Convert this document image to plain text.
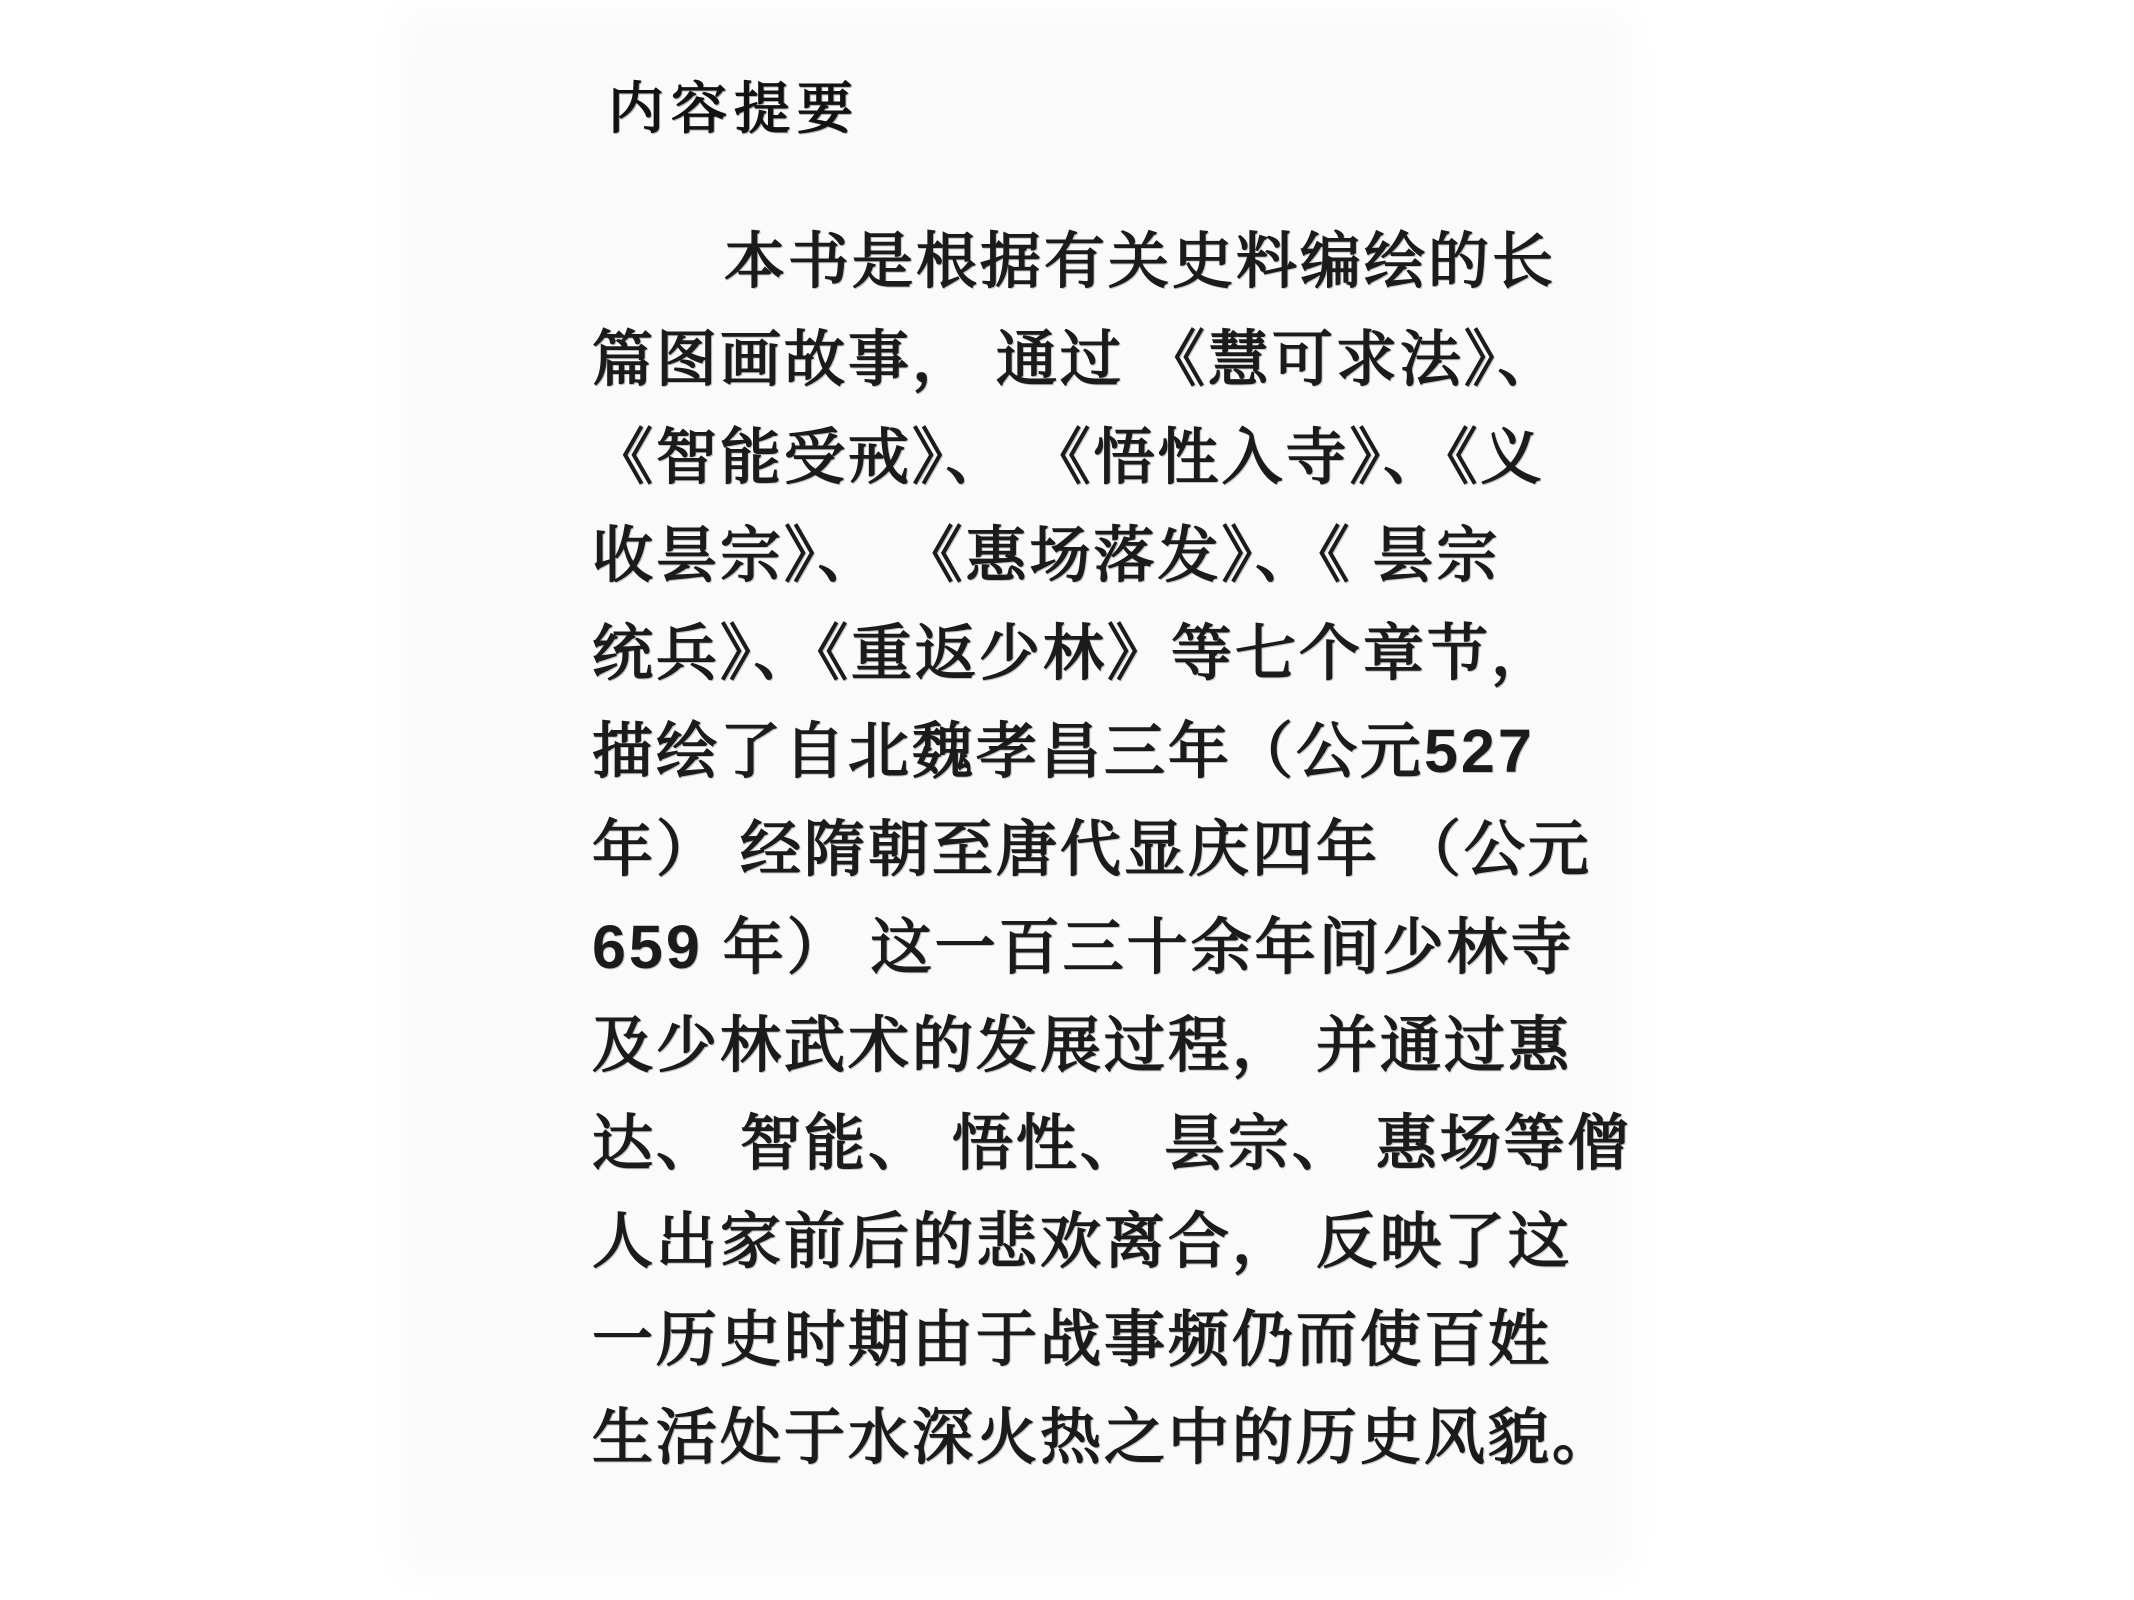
内容提要
本书是根据有关史料编绘的长
篇图画故事， 通过 《慧可求法》、
《智能受戒》、 《悟性入寺》、《义
收昙宗》、 《惠场落发》、《 昙宗
统兵》、《重返少林》等七个章节，
描绘了自北魏孝昌三年（公元527
年） 经隋朝至唐代显庆四年 （公元
659 年） 这一百三十余年间少林寺
及少林武术的发展过程， 并通过惠
达、 智能、 悟性、 昙宗、 惠场等僧
人出家前后的悲欢离合， 反映了这
一历史时期由于战事频仍而使百姓
生活处于水深火热之中的历史风貌。
